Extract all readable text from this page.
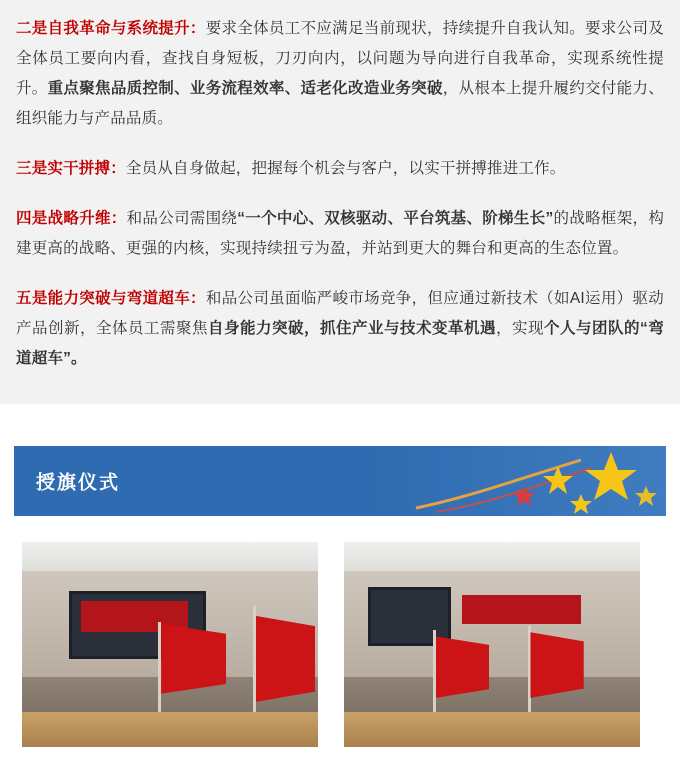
二是自我革命与系统提升：要求全体员工不应满足当前现状，持续提升自我认知。要求公司及全体员工要向内看，查找自身短板，刀刃向内，以问题为导向进行自我革命，实现系统性提升。重点聚焦品质控制、业务流程效率、适老化改造业务突破，从根本上提升履约交付能力、组织能力与产品品质。

三是实干拼搏：全员从自身做起，把握每个机会与客户，以实干拼搏推进工作。

四是战略升维：和品公司需围绕“一个中心、双核驱动、平台筑基、阶梯生长”的战略框架，构建更高的战略、更强的内核，实现持续扭亏为盈，并站到更大的舞台和更高的生态位置。

五是能力突破与弯道超车：和品公司虽面临严峻市场竞争，但应通过新技术（如AI运用）驱动产品创新，全体员工需聚焦自身能力突破，抓住产业与技术变革机遇，实现个人与团队的“弯道超车”。

授旗仪式
